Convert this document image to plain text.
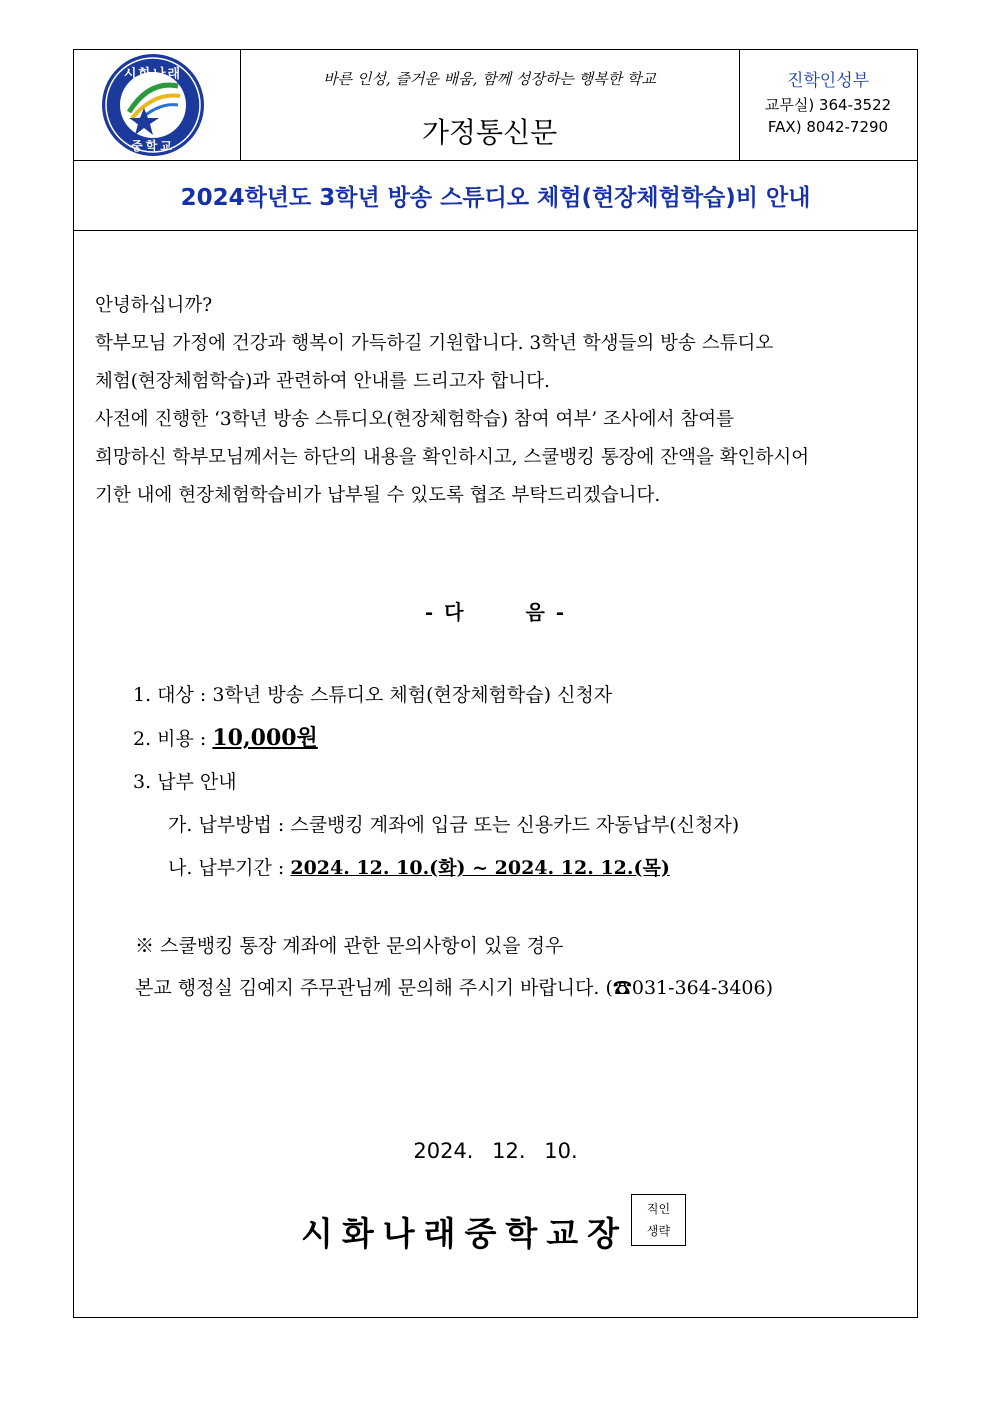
시화나래
중학교
바른 인성, 즐거운 배움, 함께 성장하는 행복한 학교
가정통신문
진학인성부
교무실) 364-3522
FAX) 8042-7290
2024학년도 3학년 방송 스튜디오 체험(현장체험학습)비 안내

안녕하십니까?

학부모님 가정에 건강과 행복이 가득하길 기원합니다. 3학년 학생들의 방송 스튜디오

체험(현장체험학습)과 관련하여 안내를 드리고자 합니다.

사전에 진행한 ‘3학년 방송 스튜디오(현장체험학습) 참여 여부’ 조사에서 참여를

희망하신 학부모님께서는 하단의 내용을 확인하시고, 스쿨뱅킹 통장에 잔액을 확인하시어

기한 내에 현장체험학습비가 납부될 수 있도록 협조 부탁드리겠습니다.

- 다	음 -
1. 대상 : 3학년 방송 스튜디오 체험(현장체험학습) 신청자
2. 비용 : 10,000원
3. 납부 안내
가. 납부방법 : 스쿨뱅킹 계좌에 입금 또는 신용카드 자동납부(신청자)
나. 납부기간 : 2024. 12. 10.(화) ~ 2024. 12. 12.(목)
※ 스쿨뱅킹 통장 계좌에 관한 문의사항이 있을 경우
본교 행정실 김예지 주무관님께 문의해 주시기 바랍니다. (☎031-364-3406)
2024. 12. 10.
시화나래중학교장
직인
생략
